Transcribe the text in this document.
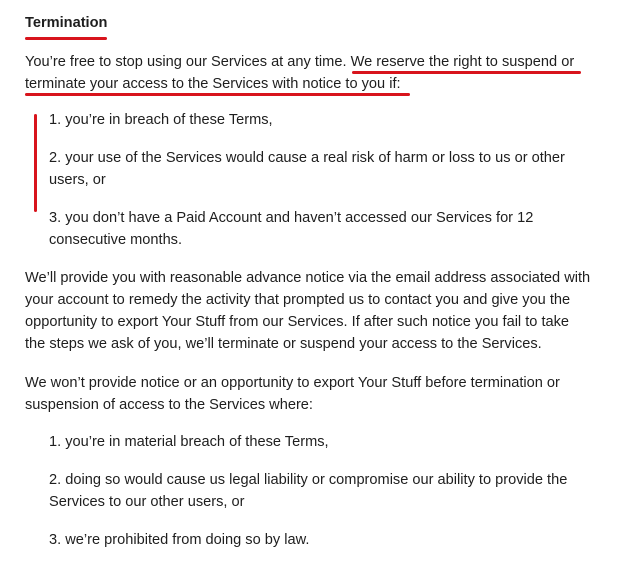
Termination

You’re free to stop using our Services at any time. We reserve the right to suspend or
terminate your access to the Services with notice to you if:

1. you’re in breach of these Terms,
2. your use of the Services would cause a real risk of harm or loss to us or other
users, or
3. you don’t have a Paid Account and haven’t accessed our Services for 12
consecutive months.

We’ll provide you with reasonable advance notice via the email address associated with
your account to remedy the activity that prompted us to contact you and give you the
opportunity to export Your Stuff from our Services. If after such notice you fail to take
the steps we ask of you, we’ll terminate or suspend your access to the Services.

We won’t provide notice or an opportunity to export Your Stuff before termination or
suspension of access to the Services where:

1. you’re in material breach of these Terms,
2. doing so would cause us legal liability or compromise our ability to provide the
Services to our other users, or
3. we’re prohibited from doing so by law.
